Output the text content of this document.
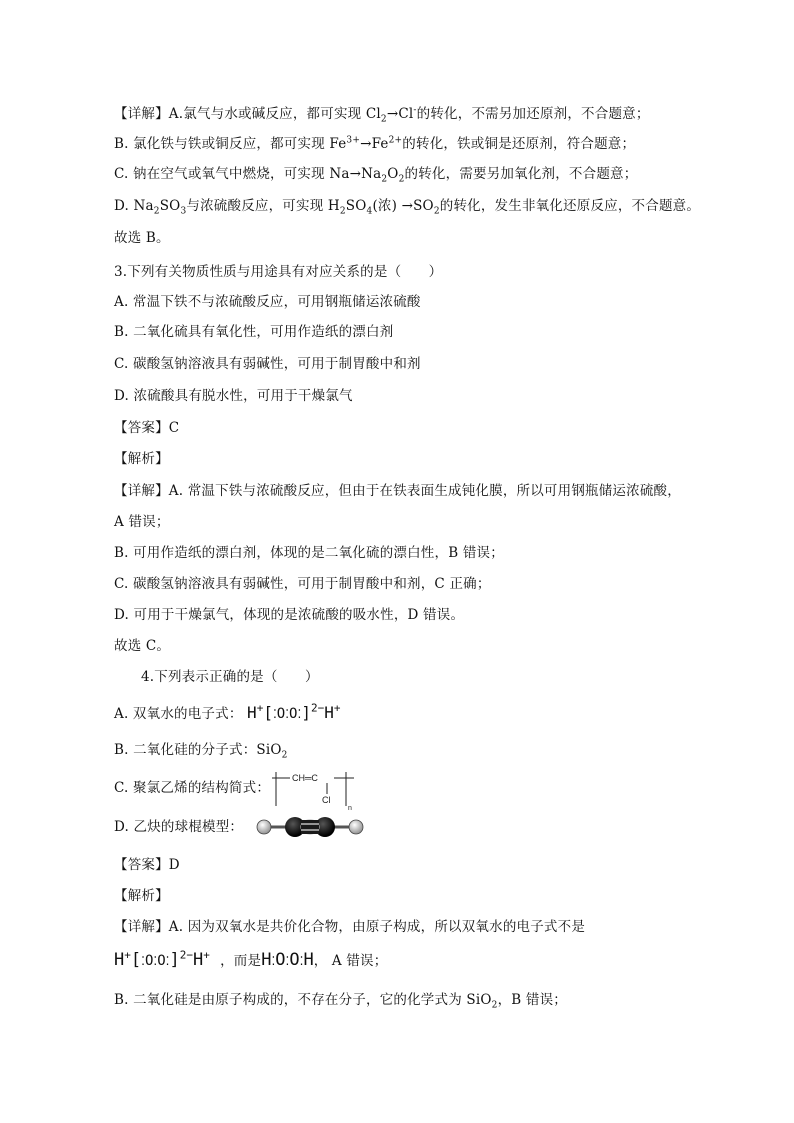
【详解】A.氯气与水或碱反应，都可实现 $Cl_2\to Cl^-$的转化，不需另加还原剂，不合题意；
B. 氯化铁与铁或铜反应，都可实现 $Fe^{3+}\to Fe^{2+}$的转化，铁或铜是还原剂，符合题意；
C. 钠在空气或氧气中燃烧，可实现 $Na\to Na_2O_2$的转化，需要另加氧化剂，不合题意；
D. $Na_2SO_3$与浓硫酸反应，可实现 $H_2SO_4$(浓) $\to SO_2$的转化，发生非氧化还原反应，不合题意。
故选 B。
3.下列有关物质性质与用途具有对应关系的是（　　）
A. 常温下铁不与浓硫酸反应，可用钢瓶储运浓硫酸
B. 二氧化硫具有氧化性，可用作造纸的漂白剂
C. 碳酸氢钠溶液具有弱碱性，可用于制胃酸中和剂
D. 浓硫酸具有脱水性，可用于干燥氯气
【答案】C
【解析】
【详解】A. 常温下铁与浓硫酸反应，但由于在铁表面生成钝化膜，所以可用钢瓶储运浓硫酸，
A 错误；
B. 可用作造纸的漂白剂，体现的是二氧化硫的漂白性，B 错误；
C. 碳酸氢钠溶液具有弱碱性，可用于制胃酸中和剂，C 正确；
D. 可用于干燥氯气，体现的是浓硫酸的吸水性，D 错误。
故选 C。
4.下列表示正确的是（　　）
A. 双氧水的电子式： H+[⁚O⁚O⁚]$^{2-}$H+
B. 二氧化硅的分子式：SiO$_2$
C. 聚氯乙烯的结构简式：
CH═C
Cl
n
D. 乙炔的球棍模型：
【答案】D
【解析】
【详解】A. 因为双氧水是共价化合物，由原子构成，所以双氧水的电子式不是
H+[⁚O⁚O⁚]$^{2-}$H+ ，而是H⁚O⁚O⁚H， A 错误；
B. 二氧化硅是由原子构成的，不存在分子，它的化学式为 SiO$_2$，B 错误；
